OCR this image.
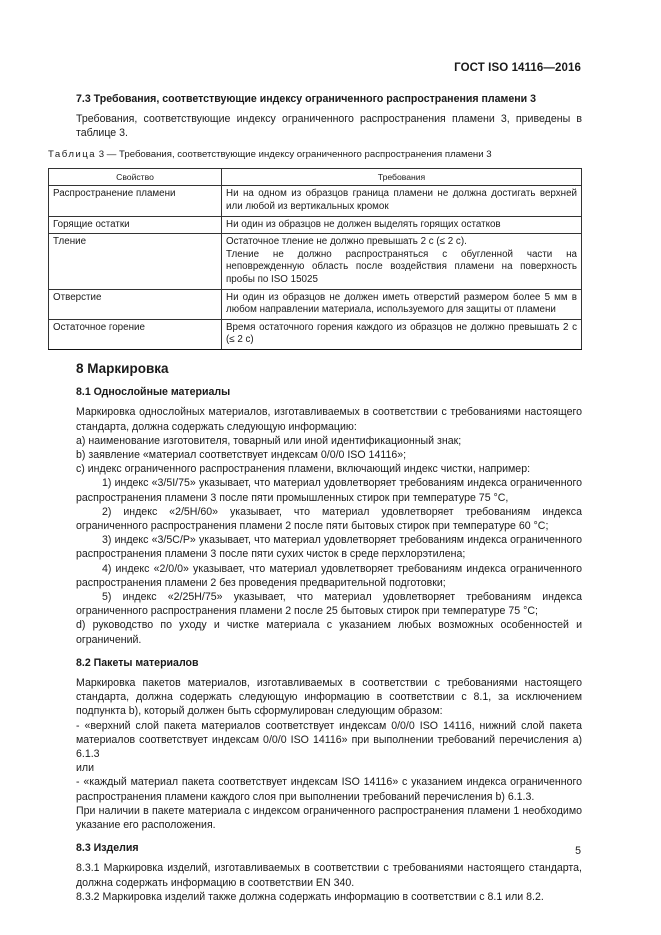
ГОСТ ISO 14116—2016

7.3 Требования, соответствующие индексу ограниченного распространения пламени 3

Требования, соответствующие индексу ограниченного распространения пламени 3, приведены в таблице 3.

Таблица 3 — Требования, соответствующие индексу ограниченного распространения пламени 3

Свойство	Требования
Распространение пламени	Ни на одном из образцов граница пламени не должна достигать верхней или любой из вертикальных кромок
Горящие остатки	Ни один из образцов не должен выделять горящих остатков
Тление	Остаточное тление не должно превышать 2 с (≤ 2 с).
Тление не должно распространяться с обугленной части на неповрежденную область после воздействия пламени на поверхность пробы по ISO 15025

Отверстие	Ни один из образцов не должен иметь отверстий размером более 5 мм в любом направлении материала, используемого для защиты от пламени
Остаточное горение	Время остаточного горения каждого из образцов не должно превышать 2 с (≤ 2 с)

8 Маркировка

8.1 Однослойные материалы

Маркировка однослойных материалов, изготавливаемых в соответствии с требованиями настоящего стандарта, должна содержать следующую информацию:

a) наименование изготовителя, товарный или иной идентификационный знак;

b) заявление «материал соответствует индексам 0/0/0 ISO 14116»;

c) индекс ограниченного распространения пламени, включающий индекс чистки, например:

1) индекс «3/5I/75» указывает, что материал удовлетворяет требованиям индекса ограниченного распространения пламени 3 после пяти промышленных стирок при температуре 75 °C,

2) индекс «2/5H/60» указывает, что материал удовлетворяет требованиям индекса ограниченного распространения пламени 2 после пяти бытовых стирок при температуре 60 °C;

3) индекс «3/5C/P» указывает, что материал удовлетворяет требованиям индекса ограниченного распространения пламени 3 после пяти сухих чисток в среде перхлорэтилена;

4) индекс «2/0/0» указывает, что материал удовлетворяет требованиям индекса ограниченного распространения пламени 2 без проведения предварительной подготовки;

5) индекс «2/25H/75» указывает, что материал удовлетворяет требованиям индекса ограниченного распространения пламени 2 после 25 бытовых стирок при температуре 75 °C;

d) руководство по уходу и чистке материала с указанием любых возможных особенностей и ограничений.

8.2 Пакеты материалов

Маркировка пакетов материалов, изготавливаемых в соответствии с требованиями настоящего стандарта, должна содержать следующую информацию в соответствии с 8.1, за исключением подпункта b), который должен быть сформулирован следующим образом:

- «верхний слой пакета материалов соответствует индексам 0/0/0 ISO 14116, нижний слой пакета материалов соответствует индексам 0/0/0 ISO 14116» при выполнении требований перечисления a) 6.1.3

или

- «каждый материал пакета соответствует индексам ISO 14116» с указанием индекса ограниченного распространения пламени каждого слоя при выполнении требований перечисления b) 6.1.3.

При наличии в пакете материала с индексом ограниченного распространения пламени 1 необходимо указание его расположения.

8.3 Изделия

8.3.1 Маркировка изделий, изготавливаемых в соответствии с требованиями настоящего стандарта, должна содержать информацию в соответствии EN 340.

8.3.2 Маркировка изделий также должна содержать информацию в соответствии с 8.1 или 8.2.

5
